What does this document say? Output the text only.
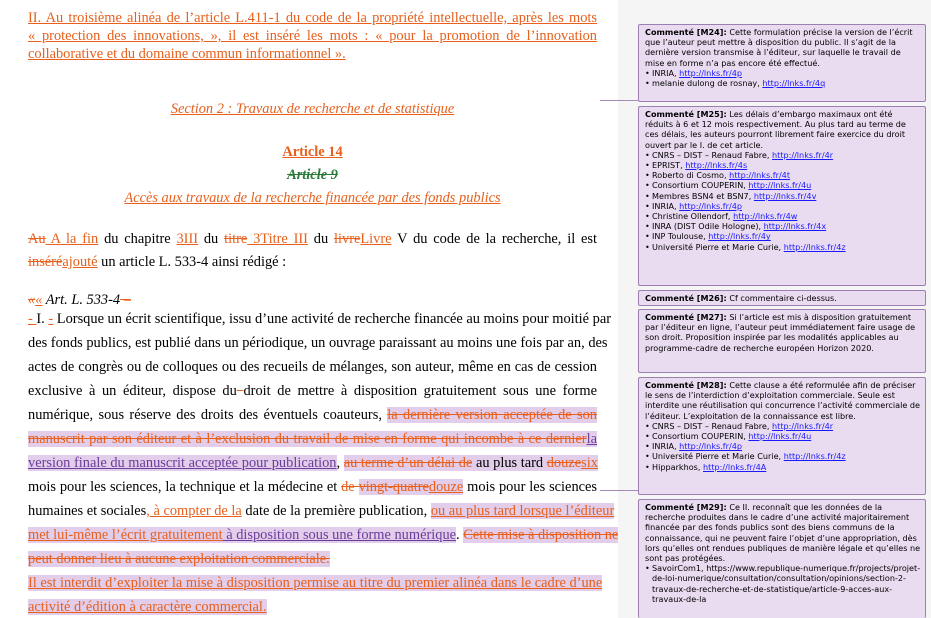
II. Au troisième alinéa de l’article L.411-1 du code de la propriété intellectuelle, après les mots
« protection des innovations, », il est inséré les mots : « pour la promotion de l’innovation
collaborative et du domaine commun informationnel ».
Section 2 : Travaux de recherche et de statistique
Article 14
Article 9
Accès aux travaux de la recherche financée par des fonds publics
Au A la fin du chapitre 3III du titre 3Titre III du livreLivre V du code de la recherche, il est
inséréajouté un article L. 533-4 ainsi rédigé :
«« Art. L. 533-4 –
- I. - Lorsque un écrit scientifique, issu d’une activité de recherche financée au moins pour moitié par
des fonds publics, est publié dans un périodique, un ouvrage paraissant au moins une fois par an, des
actes de congrès ou de colloques ou des recueils de mélanges, son auteur, même en cas de cession
exclusive à un éditeur, dispose du droit de mettre à disposition gratuitement sous une forme
numérique, sous réserve des droits des éventuels coauteurs, la dernière version acceptée de son
manuscrit par son éditeur et à l’exclusion du travail de mise en forme qui incombe à ce dernierla
version finale du manuscrit acceptée pour publication, au terme d’un délai de au plus tard douzesix
mois pour les sciences, la technique et la médecine et de vingt-quatredouze mois pour les sciences
humaines et sociales, à compter de la date de la première publication, ou au plus tard lorsque l’éditeur
met lui-même l’écrit gratuitement à disposition sous une forme numérique. Cette mise à disposition ne
peut donner lieu à aucune exploitation commerciale.
Il est interdit d’exploiter la mise à disposition permise au titre du premier alinéa dans le cadre d’une
activité d’édition à caractère commercial.
Commenté [M24]: Cette formulation précise la version de l’écrit que l’auteur peut mettre à disposition du public. Il s’agit de la dernière version transmise à l’éditeur, sur laquelle le travail de mise en forme n’a pas encore été effectué.
• INRIA, http://lnks.fr/4p
• melanie dulong de rosnay, http://lnks.fr/4q
Commenté [M25]: Les délais d’embargo maximaux ont été réduits à 6 et 12 mois respectivement. Au plus tard au terme de ces délais, les auteurs pourront librement faire exercice du droit ouvert par le I. de cet article.
• CNRS – DIST – Renaud Fabre, http://lnks.fr/4r
• EPRIST, http://lnks.fr/4s
• Roberto di Cosmo, http://lnks.fr/4t
• Consortium COUPERIN, http://lnks.fr/4u
• Membres BSN4 et BSN7, http://lnks.fr/4v
• INRIA, http://lnks.fr/4p
• Christine Ollendorf, http://lnks.fr/4w
• INRA (DIST Odile Hologne), http://lnks.fr/4x
• INP Toulouse, http://lnks.fr/4y
• Université Pierre et Marie Curie, http://lnks.fr/4z
Commenté [M26]: Cf commentaire ci-dessus.
Commenté [M27]: Si l’article est mis à disposition gratuitement par l’éditeur en ligne, l’auteur peut immédiatement faire usage de son droit. Proposition inspirée par les modalités applicables au programme-cadre de recherche européen Horizon 2020.
Commenté [M28]: Cette clause a été reformulée afin de préciser le sens de l’interdiction d’exploitation commerciale. Seule est interdite une réutilisation qui concurrence l’activité commerciale de l’éditeur. L’exploitation de la connaissance est libre.
• CNRS – DIST – Renaud Fabre, http://lnks.fr/4r
• Consortium COUPERIN, http://lnks.fr/4u
• INRIA, http://lnks.fr/4p
• Université Pierre et Marie Curie, http://lnks.fr/4z
• Hipparkhos, http://lnks.fr/4A
Commenté [M29]: Ce II. reconnaît que les données de la recherche produites dans le cadre d’une activité majoritairement financée par des fonds publics sont des biens communs de la connaissance, qui ne peuvent faire l’objet d’une appropriation, dès lors qu’elles ont rendues publiques de manière légale et qu’elles ne sont pas protégées.
• SavoirCom1, https://www.republique-numerique.fr/projects/projet-de-loi-numerique/consultation/consultation/opinions/section-2-travaux-de-recherche-et-de-statistique/article-9-acces-aux-travaux-de-la
